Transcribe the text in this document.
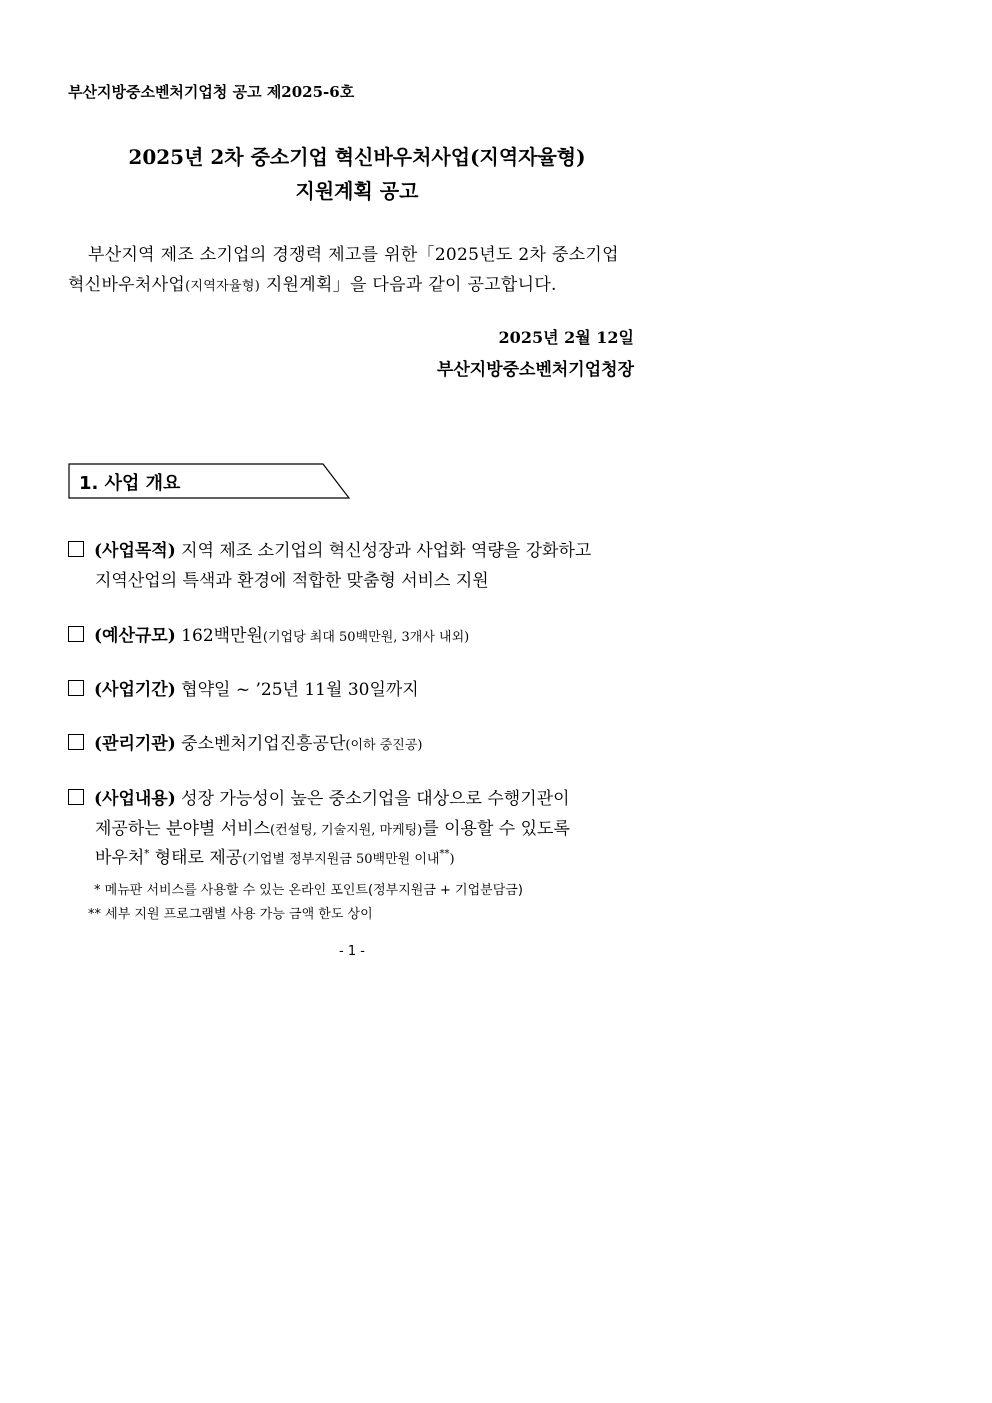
부산지방중소벤처기업청 공고 제2025-6호
2025년 2차 중소기업 혁신바우처사업(지역자율형)
지원계획 공고
부산지역 제조 소기업의 경쟁력 제고를 위한「2025년도 2차 중소기업
혁신바우처사업(지역자율형) 지원계획」을 다음과 같이 공고합니다.
2025년 2월 12일
부산지방중소벤처기업청장
1. 사업 개요
(사업목적) 지역 제조 소기업의 혁신성장과 사업화 역량을 강화하고
지역산업의 특색과 환경에 적합한 맞춤형 서비스 지원
(예산규모) 162백만원(기업당 최대 50백만원, 3개사 내외)
(사업기간) 협약일 ~ ’25년 11월 30일까지
(관리기관) 중소벤처기업진흥공단(이하 중진공)
(사업내용) 성장 가능성이 높은 중소기업을 대상으로 수행기관이
제공하는 분야별 서비스(컨설팅, 기술지원, 마케팅)를 이용할 수 있도록
바우처* 형태로 제공(기업별 정부지원금 50백만원 이내**)
* 메뉴판 서비스를 사용할 수 있는 온라인 포인트(정부지원금 + 기업분담금)
** 세부 지원 프로그램별 사용 가능 금액 한도 상이
- 1 -
